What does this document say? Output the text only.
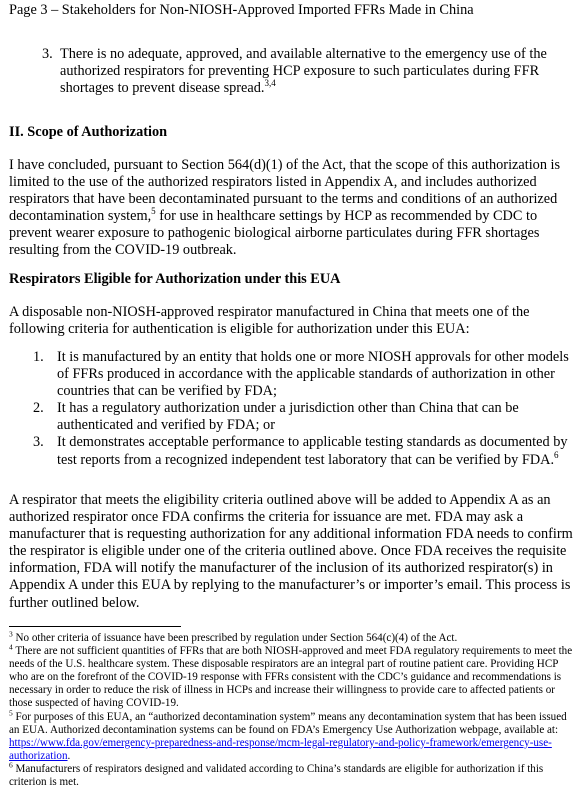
Page 3 – Stakeholders for Non-NIOSH-Approved Imported FFRs Made in China
3. There is no adequate, approved, and available alternative to the emergency use of the authorized respirators for preventing HCP exposure to such particulates during FFR shortages to prevent disease spread.$^{3,4}$
II. Scope of Authorization
I have concluded, pursuant to Section 564(d)(1) of the Act, that the scope of this authorization is limited to the use of the authorized respirators listed in Appendix A, and includes authorized respirators that have been decontaminated pursuant to the terms and conditions of an authorized decontamination system,$^5$ for use in healthcare settings by HCP as recommended by CDC to prevent wearer exposure to pathogenic biological airborne particulates during FFR shortages resulting from the COVID-19 outbreak.
Respirators Eligible for Authorization under this EUA
A disposable non-NIOSH-approved respirator manufactured in China that meets one of the following criteria for authentication is eligible for authorization under this EUA:
1. It is manufactured by an entity that holds one or more NIOSH approvals for other models of FFRs produced in accordance with the applicable standards of authorization in other countries that can be verified by FDA;
2. It has a regulatory authorization under a jurisdiction other than China that can be authenticated and verified by FDA; or
3. It demonstrates acceptable performance to applicable testing standards as documented by test reports from a recognized independent test laboratory that can be verified by FDA.$^6$
A respirator that meets the eligibility criteria outlined above will be added to Appendix A as an authorized respirator once FDA confirms the criteria for issuance are met. FDA may ask a manufacturer that is requesting authorization for any additional information FDA needs to confirm the respirator is eligible under one of the criteria outlined above. Once FDA receives the requisite information, FDA will notify the manufacturer of the inclusion of its authorized respirator(s) in Appendix A under this EUA by replying to the manufacturer’s or importer’s email. This process is further outlined below.

$^3$ No other criteria of issuance have been prescribed by regulation under Section 564(c)(4) of the Act.

$^4$ There are not sufficient quantities of FFRs that are both NIOSH-approved and meet FDA regulatory requirements to meet the needs of the U.S. healthcare system. These disposable respirators are an integral part of routine patient care. Providing HCP who are on the forefront of the COVID-19 response with FFRs consistent with the CDC’s guidance and recommendations is necessary in order to reduce the risk of illness in HCPs and increase their willingness to provide care to affected patients or those suspected of having COVID-19.

$^5$ For purposes of this EUA, an “authorized decontamination system” means any decontamination system that has been issued an EUA. Authorized decontamination systems can be found on FDA’s Emergency Use Authorization webpage, available at: https://www.fda.gov/emergency-preparedness-and-response/mcm-legal-regulatory-and-policy-framework/emergency-use-authorization.

$^6$ Manufacturers of respirators designed and validated according to China’s standards are eligible for authorization if this criterion is met.
